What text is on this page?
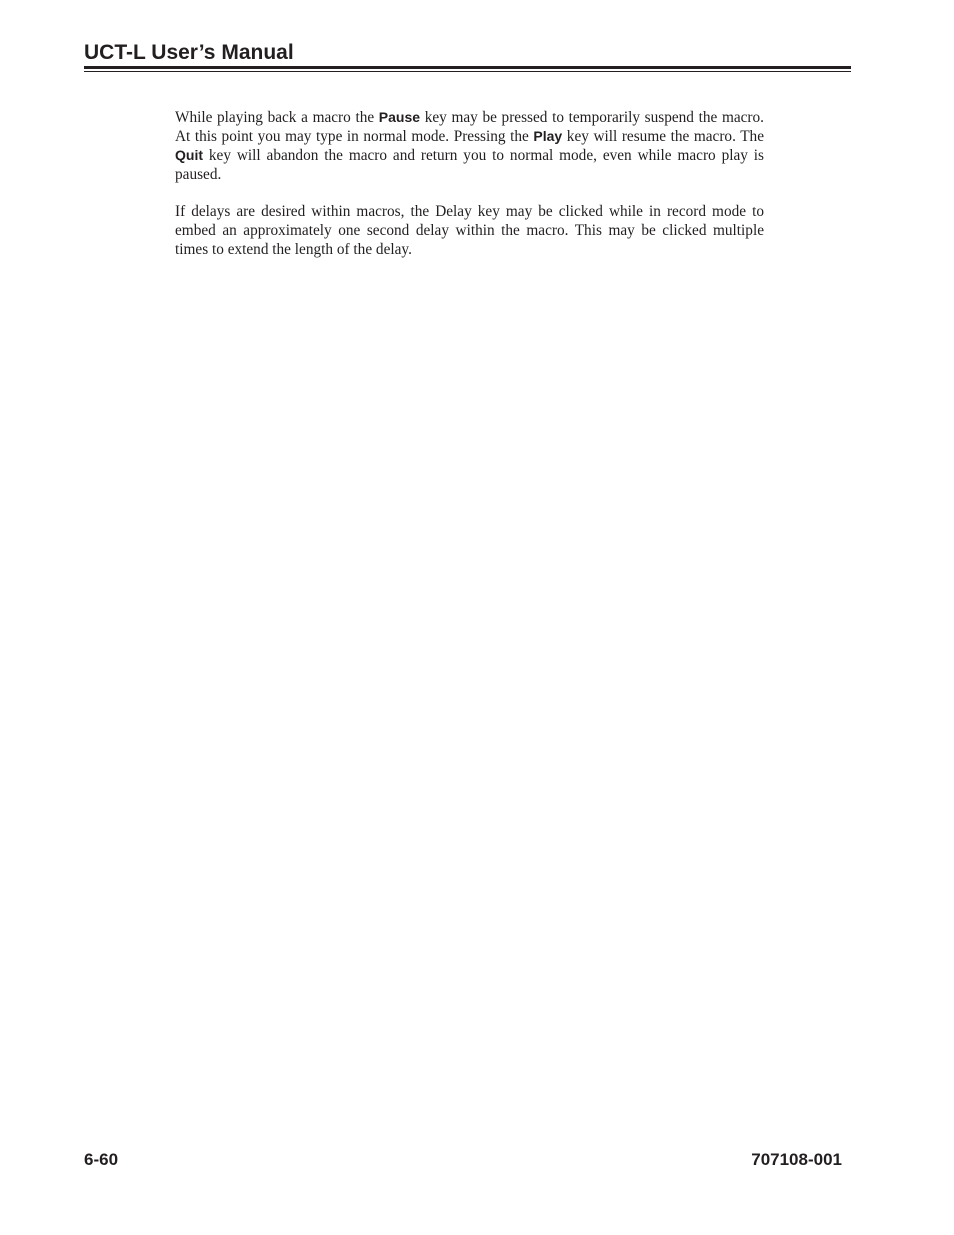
UCT-L User’s Manual

While playing back a macro the Pause key may be pressed to temporarily suspend the macro. At this point you may type in normal mode. Pressing the Play key will resume the macro. The Quit key will abandon the macro and return you to normal mode, even while macro play is paused.

If delays are desired within macros, the Delay key may be clicked while in record mode to embed an approximately one second delay within the macro. This may be clicked multiple times to extend the length of the delay.

6-60	707108-001
